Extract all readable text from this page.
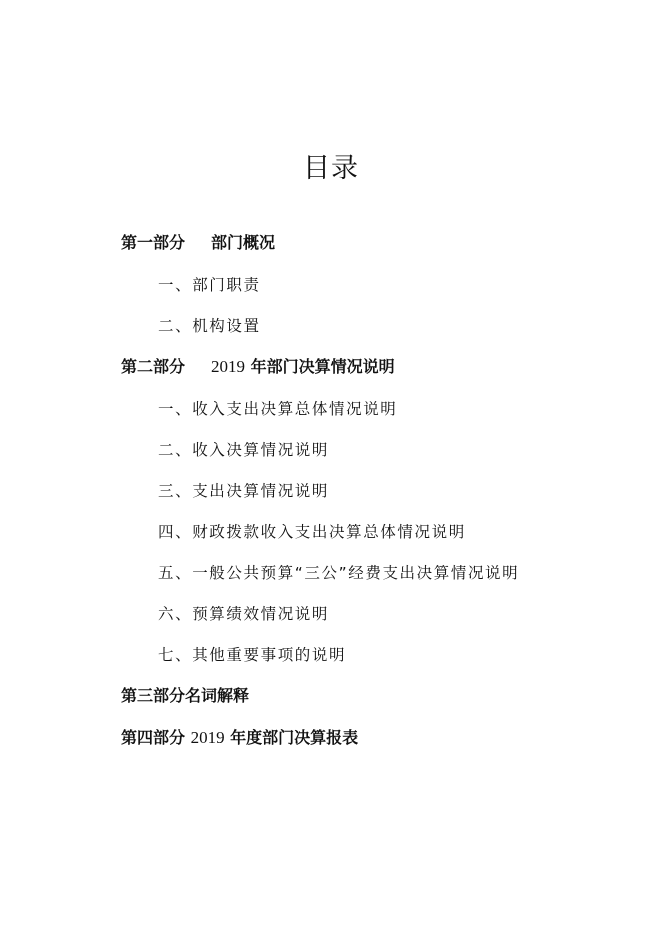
目录
第一部分 部门概况
一、部门职责
二、机构设置
第二部分 2019 年部门决算情况说明
一、收入支出决算总体情况说明
二、收入决算情况说明
三、支出决算情况说明
四、财政拨款收入支出决算总体情况说明
五、一般公共预算“三公”经费支出决算情况说明
六、预算绩效情况说明
七、其他重要事项的说明
第三部分名词解释
第四部分 2019 年度部门决算报表
